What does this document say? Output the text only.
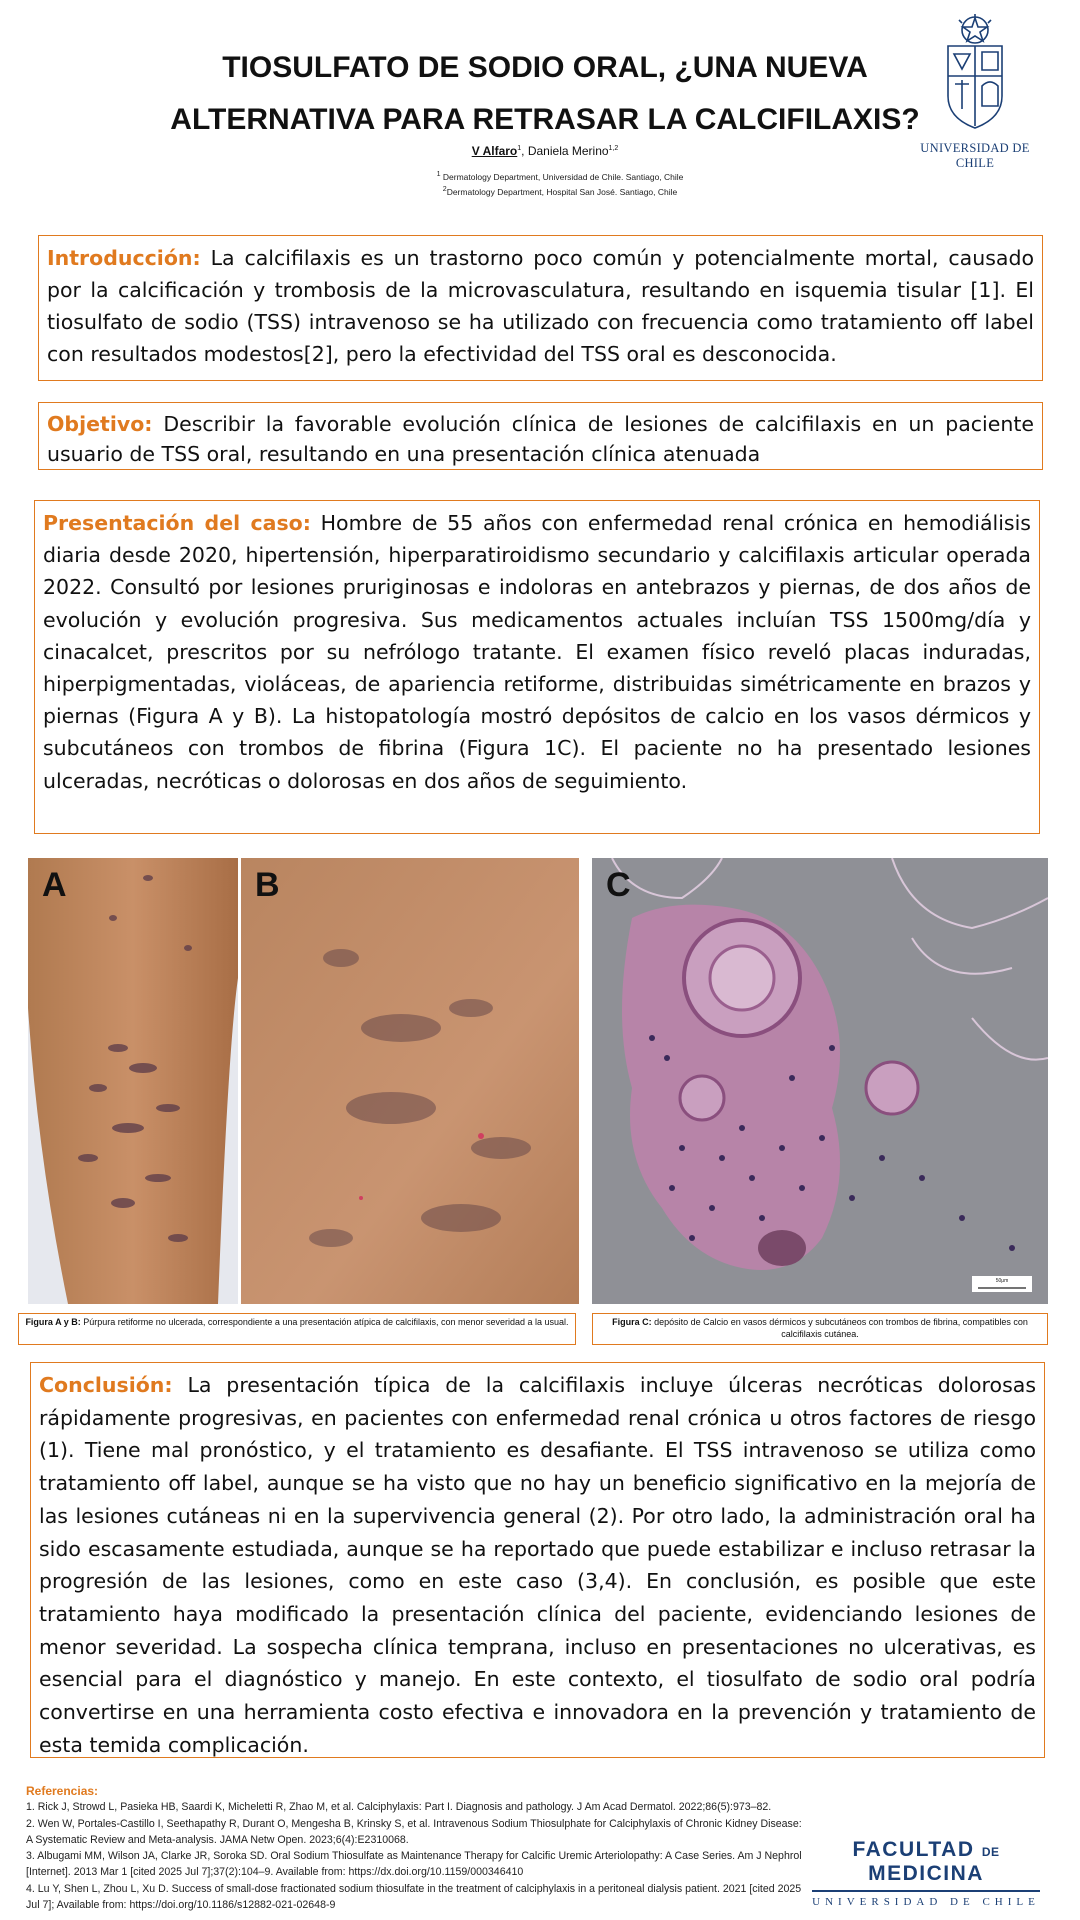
TIOSULFATO DE SODIO ORAL, ¿UNA NUEVA
ALTERNATIVA PARA RETRASAR LA CALCIFILAXIS?
V Alfaro$^1$, Daniela Merino$^{1,2}$
$^1$ Dermatology Department, Universidad de Chile. Santiago, Chile
$^2$Dermatology Department, Hospital San José. Santiago, Chile
UNIVERSIDAD DE CHILE
Introducción: La calcifilaxis es un trastorno poco común y potencialmente mortal, causado por la calcificación y trombosis de la microvasculatura, resultando en isquemia tisular [1]. El tiosulfato de sodio (TSS) intravenoso se ha utilizado con frecuencia como tratamiento off label con resultados modestos[2], pero la efectividad del TSS oral es desconocida.
Objetivo: Describir la favorable evolución clínica de lesiones de calcifilaxis en un paciente usuario de TSS oral, resultando en una presentación clínica atenuada
Presentación del caso: Hombre de 55 años con enfermedad renal crónica en hemodiálisis diaria desde 2020, hipertensión, hiperparatiroidismo secundario y calcifilaxis articular operada 2022. Consultó por lesiones pruriginosas e indoloras en antebrazos y piernas, de dos años de evolución y evolución progresiva. Sus medicamentos actuales incluían TSS 1500mg/día y cinacalcet, prescritos por su nefrólogo tratante. El examen físico reveló placas induradas, hiperpigmentadas, violáceas, de apariencia retiforme, distribuidas simétricamente en brazos y piernas (Figura A y B). La histopatología mostró depósitos de calcio en los vasos dérmicos y subcutáneos con trombos de fibrina (Figura 1C). El paciente no ha presentado lesiones ulceradas, necróticas o dolorosas en dos años de seguimiento.
A	B	C
50μm
Figura A y B: Púrpura retiforme no ulcerada, correspondiente a una presentación atípica de calcifilaxis, con menor severidad a la usual.	Figura C: depósito de Calcio en vasos dérmicos y subcutáneos con trombos de fibrina, compatibles con calcifilaxis cutánea.
Conclusión: La presentación típica de la calcifilaxis incluye úlceras necróticas dolorosas rápidamente progresivas, en pacientes con enfermedad renal crónica u otros factores de riesgo (1). Tiene mal pronóstico, y el tratamiento es desafiante. El TSS intravenoso se utiliza como tratamiento off label, aunque se ha visto que no hay un beneficio significativo en la mejoría de las lesiones cutáneas ni en la supervivencia general (2). Por otro lado, la administración oral ha sido escasamente estudiada, aunque se ha reportado que puede estabilizar e incluso retrasar la progresión de las lesiones, como en este caso (3,4). En conclusión, es posible que este tratamiento haya modificado la presentación clínica del paciente, evidenciando lesiones de menor severidad. La sospecha clínica temprana, incluso en presentaciones no ulcerativas, es esencial para el diagnóstico y manejo. En este contexto, el tiosulfato de sodio oral podría convertirse en una herramienta costo efectiva e innovadora en la prevención y tratamiento de esta temida complicación.
Referencias:
1. Rick J, Strowd L, Pasieka HB, Saardi K, Micheletti R, Zhao M, et al. Calciphylaxis: Part I. Diagnosis and pathology. J Am Acad Dermatol. 2022;86(5):973–82.
2. Wen W, Portales-Castillo I, Seethapathy R, Durant O, Mengesha B, Krinsky S, et al. Intravenous Sodium Thiosulphate for Calciphylaxis of Chronic Kidney Disease: A Systematic Review and Meta-analysis. JAMA Netw Open. 2023;6(4):E2310068.
3. Albugami MM, Wilson JA, Clarke JR, Soroka SD. Oral Sodium Thiosulfate as Maintenance Therapy for Calcific Uremic Arteriolopathy: A Case Series. Am J Nephrol [Internet]. 2013 Mar 1 [cited 2025 Jul 7];37(2):104–9. Available from: https://dx.doi.org/10.1159/000346410
4. Lu Y, Shen L, Zhou L, Xu D. Success of small-dose fractionated sodium thiosulfate in the treatment of calciphylaxis in a peritoneal dialysis patient. 2021 [cited 2025 Jul 7]; Available from: https://doi.org/10.1186/s12882-021-02648-9
FACULTAD DE MEDICINA
UNIVERSIDAD DE CHILE
